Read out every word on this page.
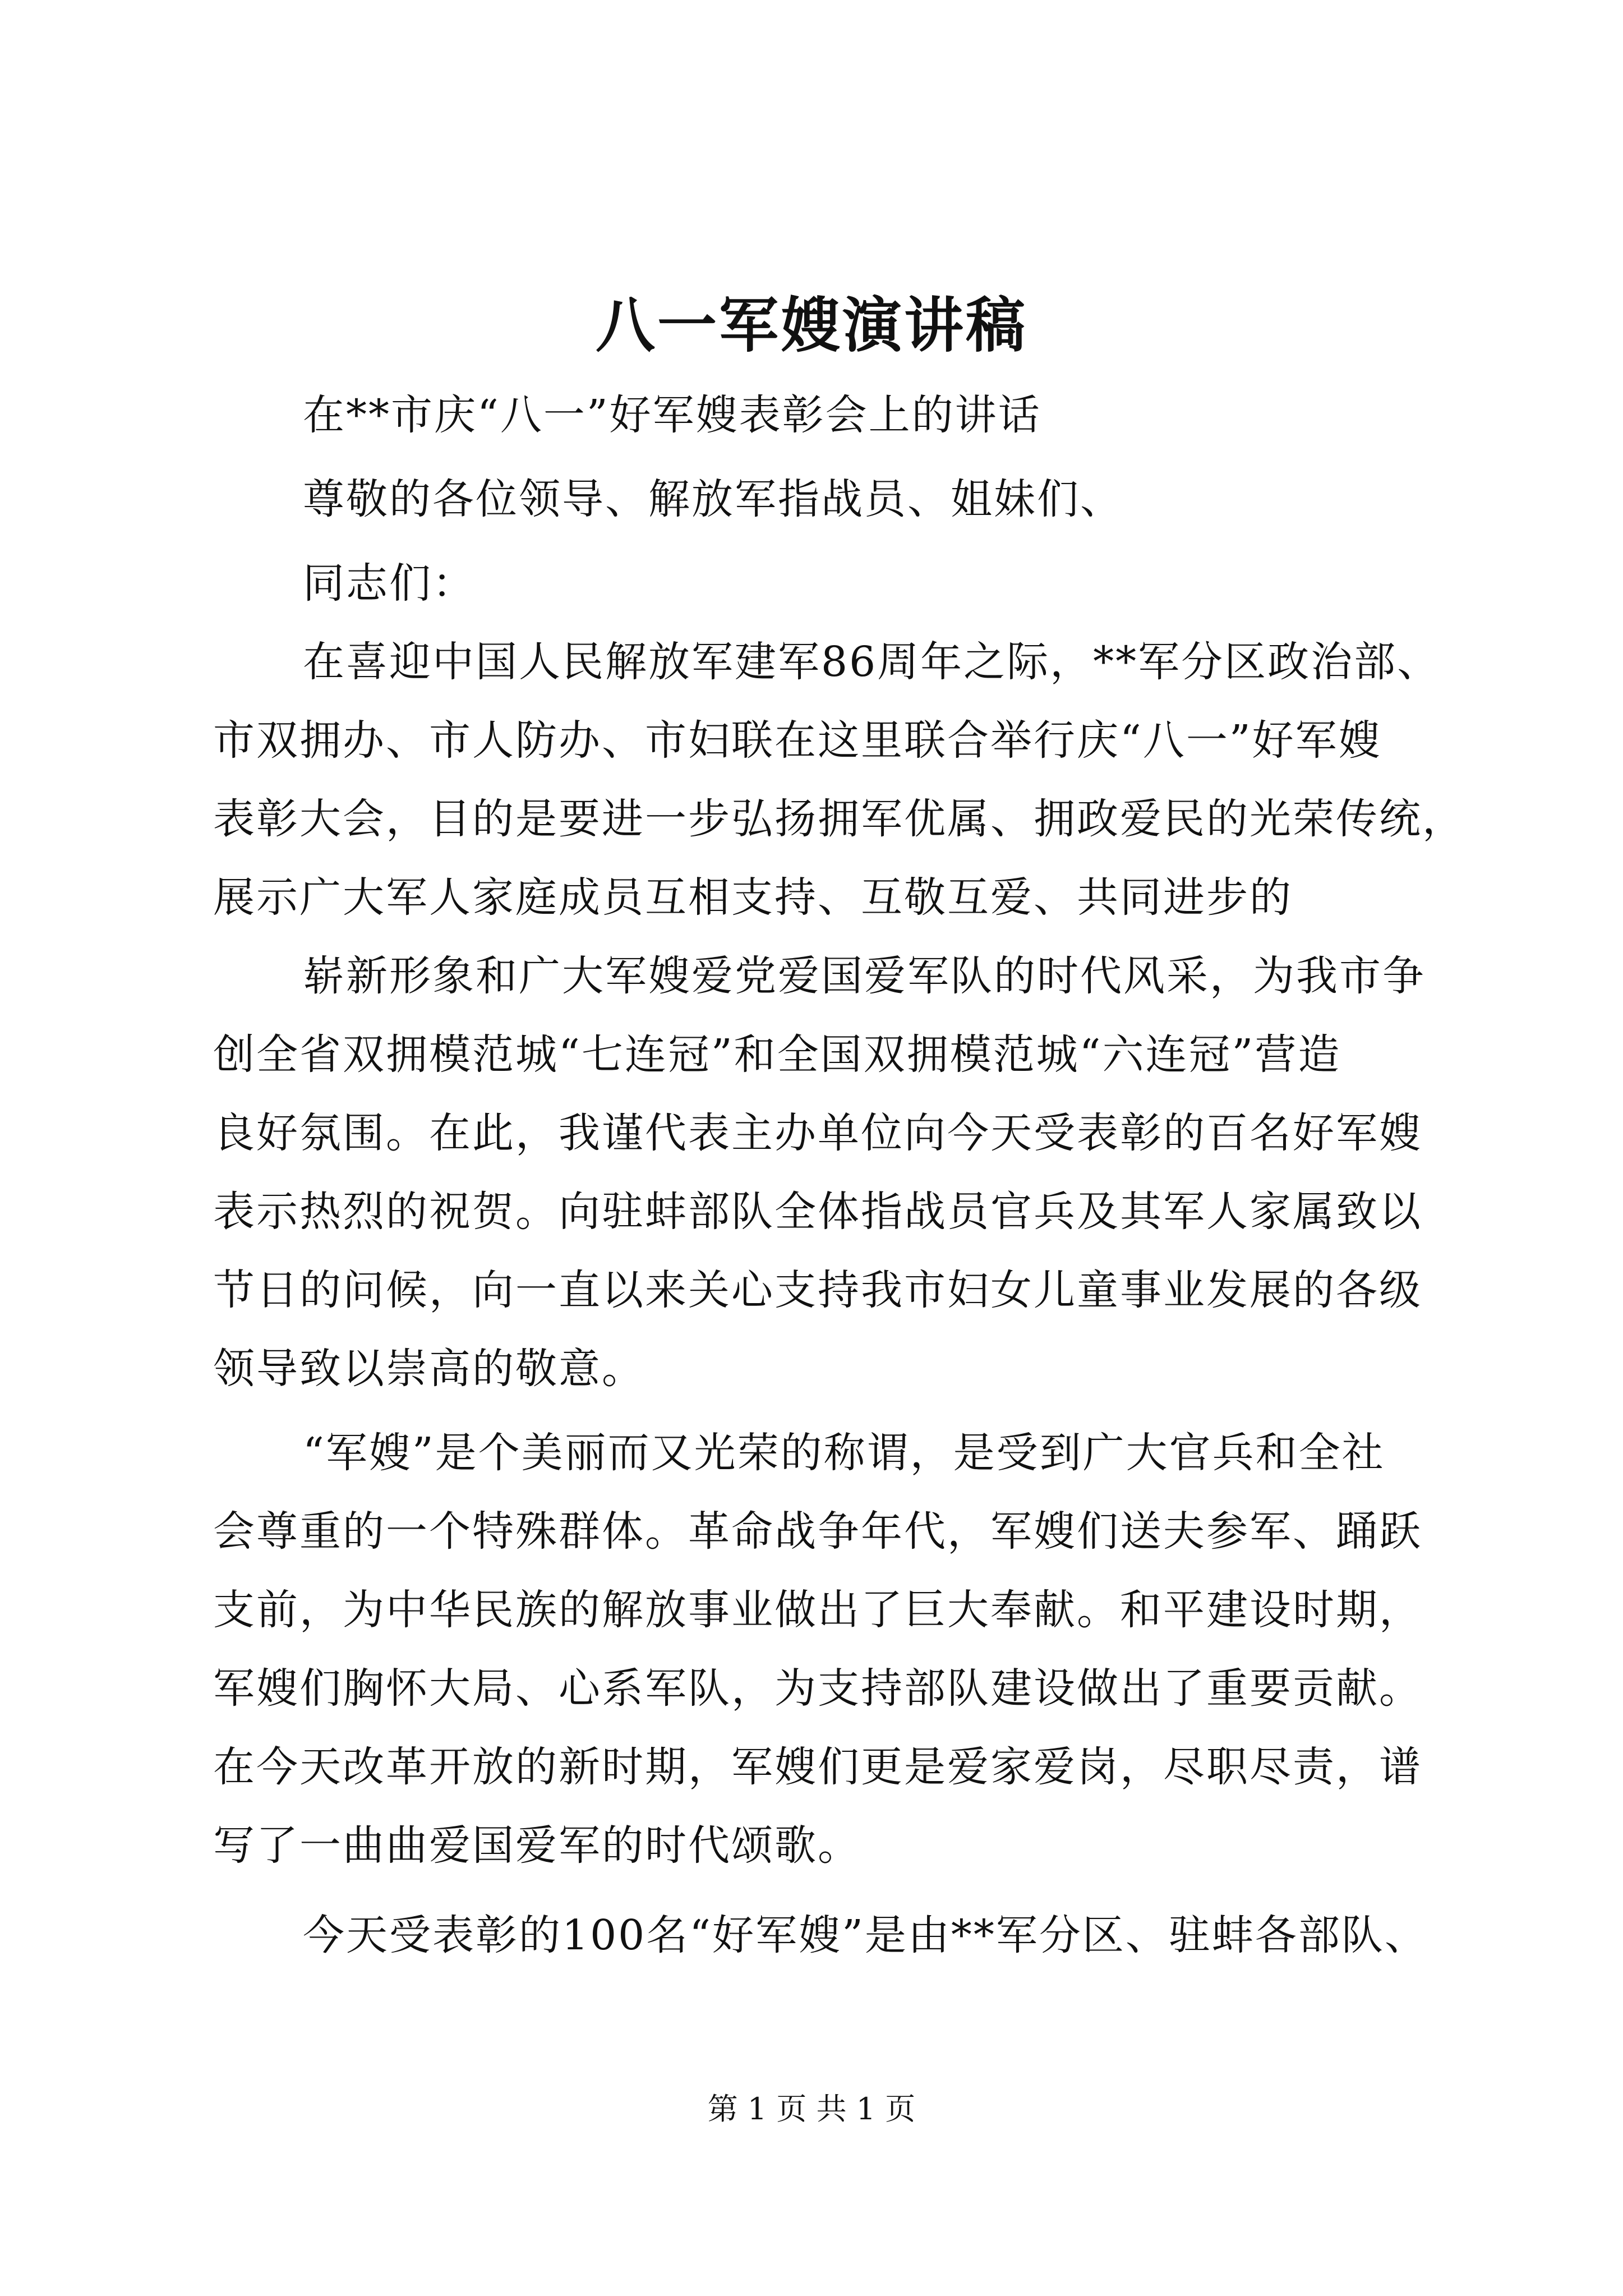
八一军嫂演讲稿
在**市庆“八一”好军嫂表彰会上的讲话
尊敬的各位领导、解放军指战员、姐妹们、
同志们：
在喜迎中国人民解放军建军86周年之际，**军分区政治部、
市双拥办、市人防办、市妇联在这里联合举行庆“八一”好军嫂
表彰大会，目的是要进一步弘扬拥军优属、拥政爱民的光荣传统，
展示广大军人家庭成员互相支持、互敬互爱、共同进步的
崭新形象和广大军嫂爱党爱国爱军队的时代风采，为我市争
创全省双拥模范城“七连冠”和全国双拥模范城“六连冠”营造
良好氛围。在此，我谨代表主办单位向今天受表彰的百名好军嫂
表示热烈的祝贺。向驻蚌部队全体指战员官兵及其军人家属致以
节日的问候，向一直以来关心支持我市妇女儿童事业发展的各级
领导致以崇高的敬意。
“军嫂”是个美丽而又光荣的称谓，是受到广大官兵和全社
会尊重的一个特殊群体。革命战争年代，军嫂们送夫参军、踊跃
支前，为中华民族的解放事业做出了巨大奉献。和平建设时期，
军嫂们胸怀大局、心系军队，为支持部队建设做出了重要贡献。
在今天改革开放的新时期，军嫂们更是爱家爱岗，尽职尽责，谱
写了一曲曲爱国爱军的时代颂歌。
今天受表彰的100名“好军嫂”是由**军分区、驻蚌各部队、
第 1 页 共 1 页
